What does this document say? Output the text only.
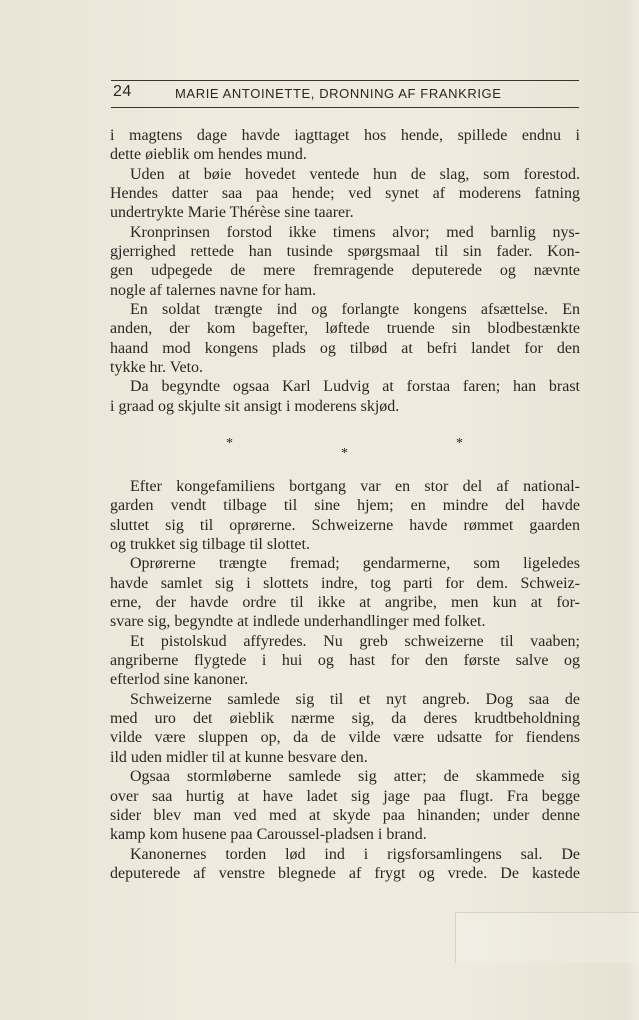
24	MARIE ANTOINETTE, DRONNING AF FRANKRIGE
i magtens dage havde iagttaget hos hende, spillede endnu i
dette øieblik om hendes mund.
Uden at bøie hovedet ventede hun de slag, som forestod.
Hendes datter saa paa hende; ved synet af moderens fatning
undertrykte Marie Thérèse sine taarer.
Kronprinsen forstod ikke timens alvor; med barnlig nys-
gjerrighed rettede han tusinde spørgsmaal til sin fader. Kon-
gen udpegede de mere fremragende deputerede og nævnte
nogle af talernes navne for ham.
En soldat trængte ind og forlangte kongens afsættelse. En
anden, der kom bagefter, løftede truende sin blodbestænkte
haand mod kongens plads og tilbød at befri landet for den
tykke hr. Veto.
Da begyndte ogsaa Karl Ludvig at forstaa faren; han brast
i graad og skjulte sit ansigt i moderens skjød.
*	*
*
Efter kongefamiliens bortgang var en stor del af national-
garden vendt tilbage til sine hjem; en mindre del havde
sluttet sig til oprørerne. Schweizerne havde rømmet gaarden
og trukket sig tilbage til slottet.
Oprørerne trængte fremad; gendarmerne, som ligeledes
havde samlet sig i slottets indre, tog parti for dem. Schweiz-
erne, der havde ordre til ikke at angribe, men kun at for-
svare sig, begyndte at indlede underhandlinger med folket.
Et pistolskud affyredes. Nu greb schweizerne til vaaben;
angriberne flygtede i hui og hast for den første salve og
efterlod sine kanoner.
Schweizerne samlede sig til et nyt angreb. Dog saa de
med uro det øieblik nærme sig, da deres krudtbeholdning
vilde være sluppen op, da de vilde være udsatte for fiendens
ild uden midler til at kunne besvare den.
Ogsaa stormløberne samlede sig atter; de skammede sig
over saa hurtig at have ladet sig jage paa flugt. Fra begge
sider blev man ved med at skyde paa hinanden; under denne
kamp kom husene paa Caroussel-pladsen i brand.
Kanonernes torden lød ind i rigsforsamlingens sal. De
deputerede af venstre blegnede af frygt og vrede. De kastede
